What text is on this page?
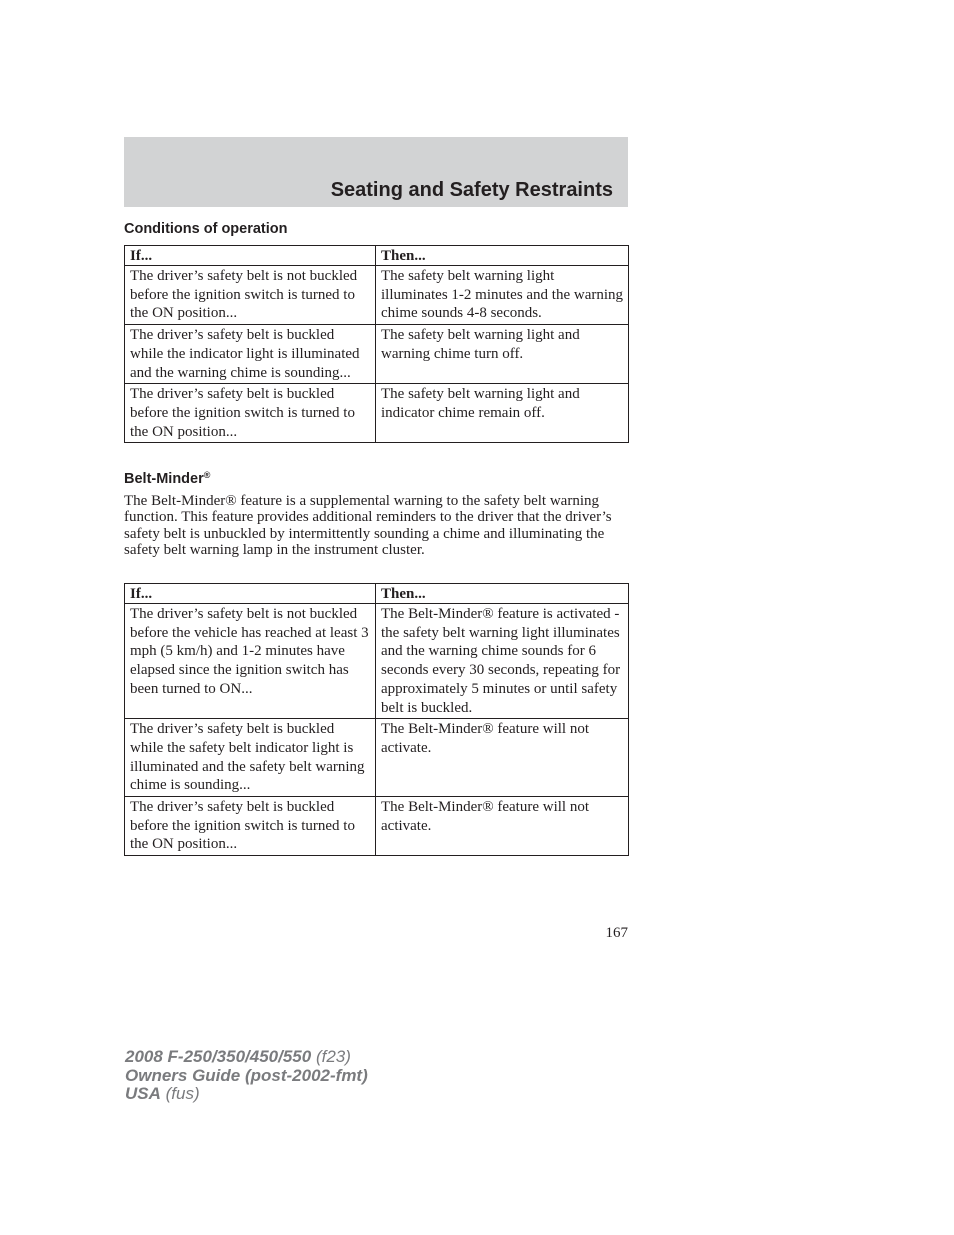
Seating and Safety Restraints
Conditions of operation
If...	Then...
The driver’s safety belt is not buckled before the ignition switch is turned to the ON position...	The safety belt warning light illuminates 1-2 minutes and the warning chime sounds 4-8 seconds.
The driver’s safety belt is buckled while the indicator light is illuminated and the warning chime is sounding...	The safety belt warning light and warning chime turn off.
The driver’s safety belt is buckled before the ignition switch is turned to the ON position...	The safety belt warning light and indicator chime remain off.
Belt-Minder®

The Belt-Minder® feature is a supplemental warning to the safety belt warning function. This feature provides additional reminders to the driver that the driver’s safety belt is unbuckled by intermittently sounding a chime and illuminating the safety belt warning lamp in the instrument cluster.

If...	Then...
The driver’s safety belt is not buckled before the vehicle has reached at least 3 mph (5 km/h) and 1-2 minutes have elapsed since the ignition switch has been turned to ON...	The Belt-Minder® feature is activated - the safety belt warning light illuminates and the warning chime sounds for 6 seconds every 30 seconds, repeating for approximately 5 minutes or until safety belt is buckled.
The driver’s safety belt is buckled while the safety belt indicator light is illuminated and the safety belt warning chime is sounding...	The Belt-Minder® feature will not activate.
The driver’s safety belt is buckled before the ignition switch is turned to the ON position...	The Belt-Minder® feature will not activate.

167

2008 F-250/350/450/550 (f23)
Owners Guide (post-2002-fmt)
USA (fus)
